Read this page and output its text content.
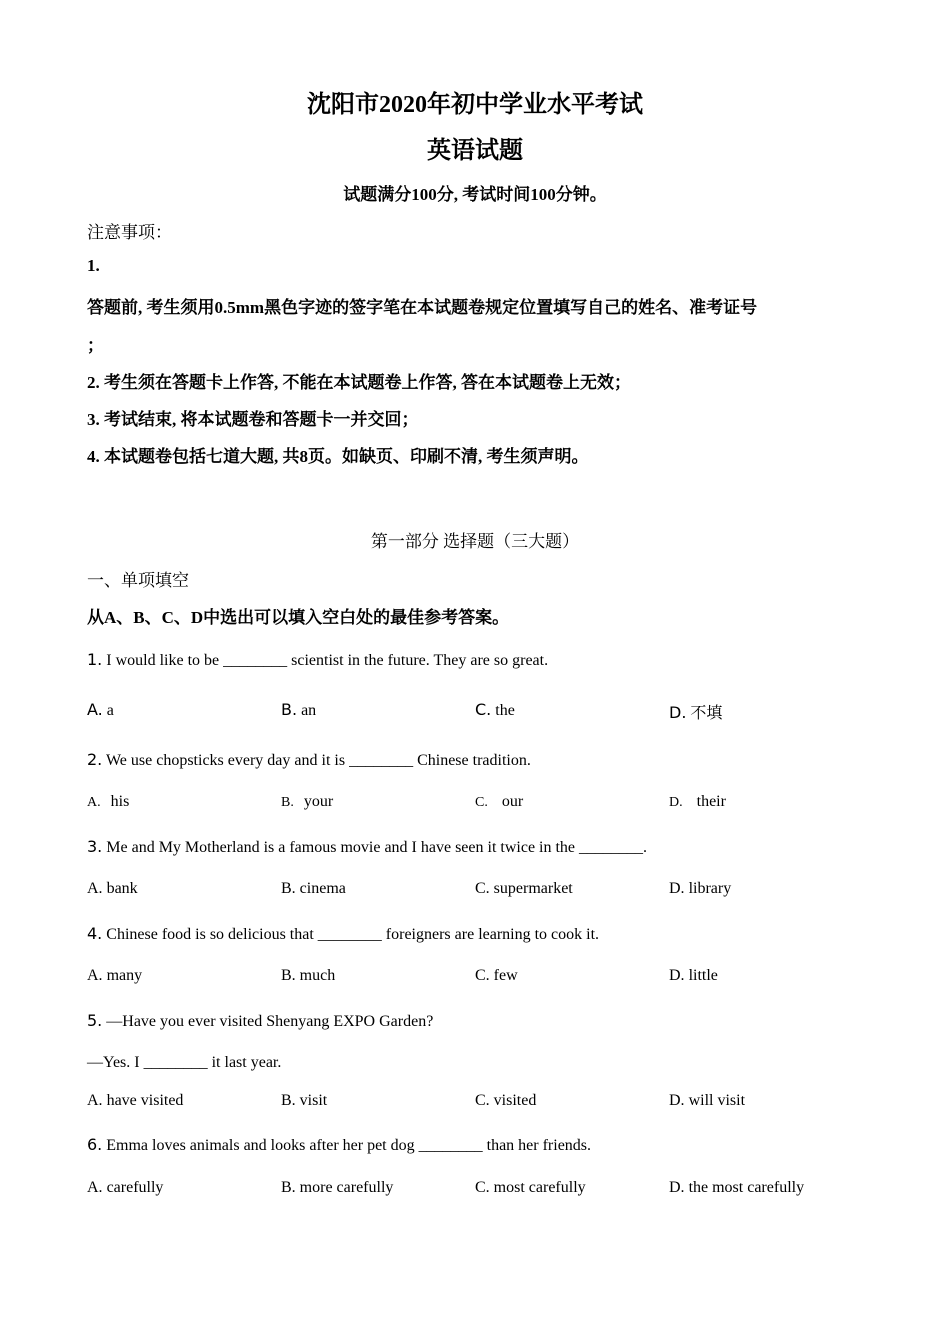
沈阳市2020年初中学业水平考试
英语试题
试题满分100分, 考试时间100分钟。
注意事项：
1.
答题前, 考生须用0.5mm黑色字迹的签字笔在本试题卷规定位置填写自己的姓名、准考证号
；
2. 考生须在答题卡上作答, 不能在本试题卷上作答, 答在本试题卷上无效；
3. 考试结束, 将本试题卷和答题卡一并交回；
4. 本试题卷包括七道大题, 共8页。如缺页、印刷不清, 考生须声明。
第一部分 选择题（三大题）
一、单项填空
从A、B、C、D中选出可以填入空白处的最佳参考答案。
1. I would like to be ________ scientist in the future. They are so great.
A. a	B. an	C. the	D. 不填
2. We use chopsticks every day and it is ________ Chinese tradition.
A. his	B. your	C. our	D. their
3. Me and My Motherland is a famous movie and I have seen it twice in the ________.
A. bank	B. cinema	C. supermarket	D. library
4. Chinese food is so delicious that ________ foreigners are learning to cook it.
A. many	B. much	C. few	D. little
5. —Have you ever visited Shenyang EXPO Garden?
—Yes. I ________ it last year.
A. have visited	B. visit	C. visited	D. will visit
6. Emma loves animals and looks after her pet dog ________ than her friends.
A. carefully	B. more carefully	C. most carefully	D. the most carefully
